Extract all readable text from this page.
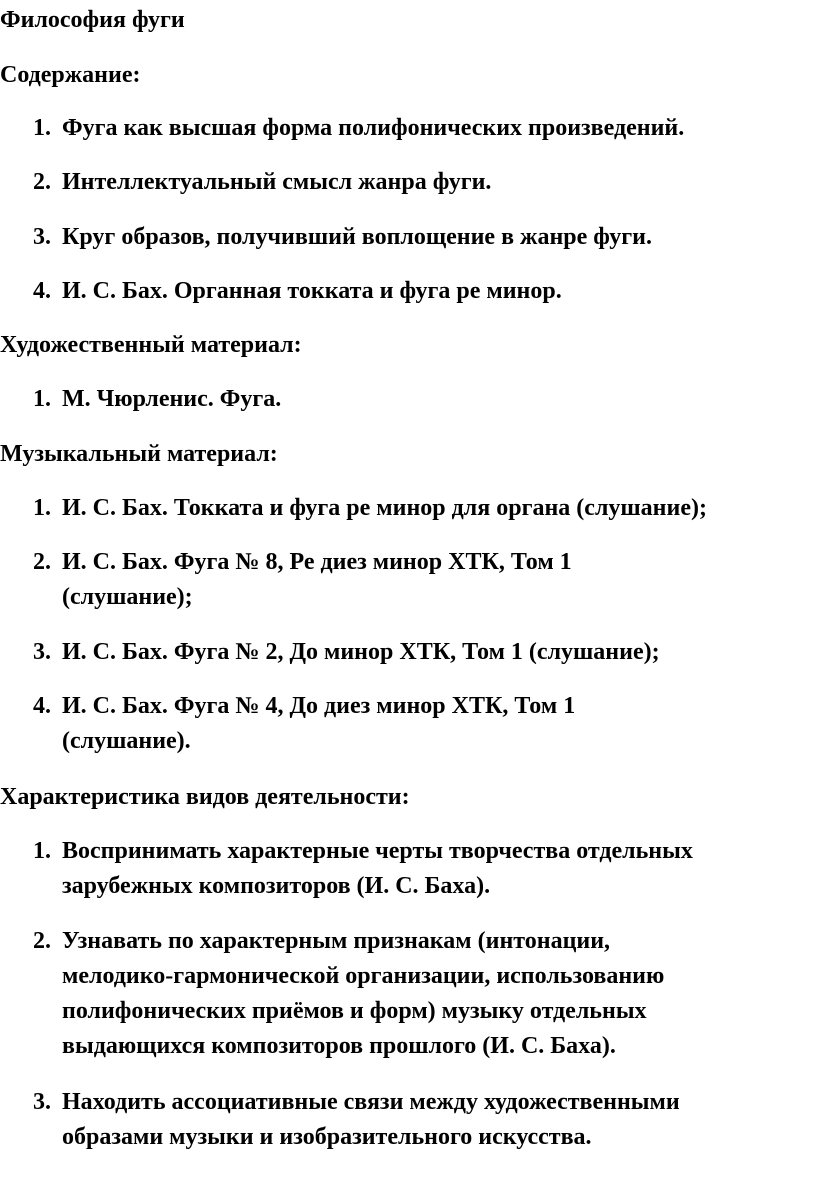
Философия фуги
Содержание:
1. Фуга как высшая форма полифонических произведений.
2. Интеллектуальный смысл жанра фуги.
3. Круг образов, получивший воплощение в жанре фуги.
4. И. С. Бах. Органная токката и фуга ре минор.
Художественный материал:
1. М. Чюрленис. Фуга.
Музыкальный материал:
1. И. С. Бах. Токката и фуга ре минор для органа (слушание);
2. И. С. Бах. Фуга № 8, Ре диез минор ХТК, Том 1
(слушание);
3. И. С. Бах. Фуга № 2, До минор ХТК, Том 1 (слушание);
4. И. С. Бах. Фуга № 4, До диез минор ХТК, Том 1
(слушание).
Характеристика видов деятельности:
1. Воспринимать характерные черты творчества отдельных
зарубежных композиторов (И. С. Баха).
2. Узнавать по характерным признакам (интонации,
мелодико-гармонической организации, использованию
полифонических приёмов и форм) музыку отдельных
выдающихся композиторов прошлого (И. С. Баха).
3. Находить ассоциативные связи между художественными
образами музыки и изобразительного искусства.
